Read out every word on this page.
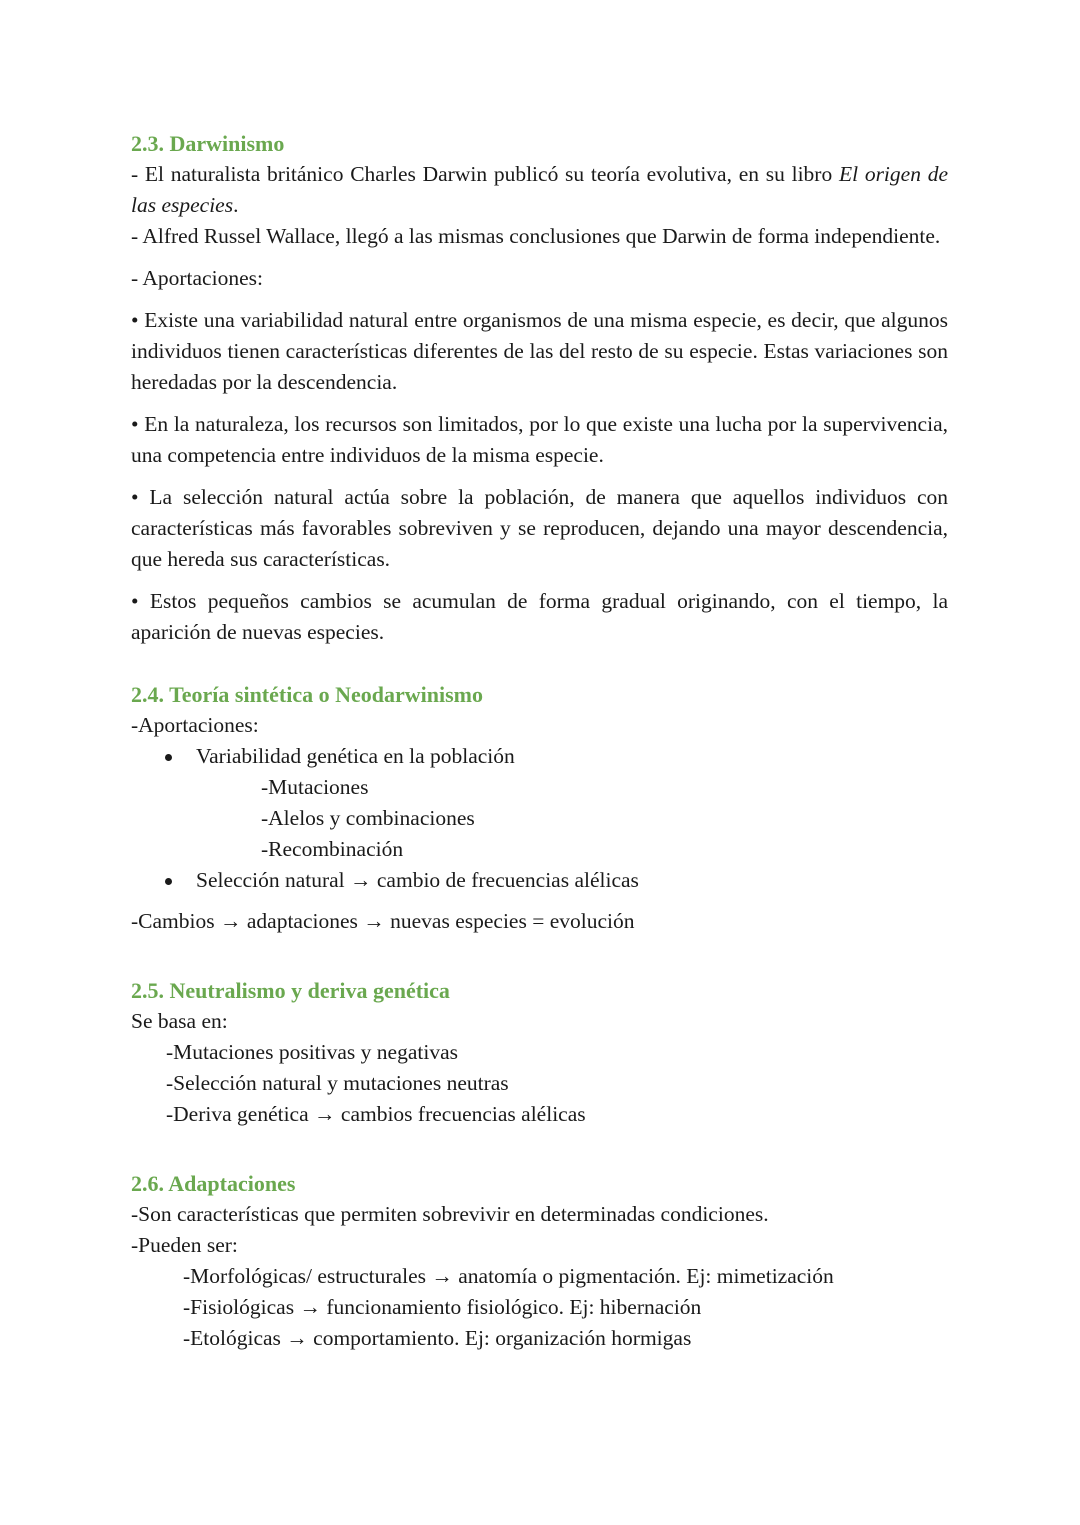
2.3. Darwinismo

- El naturalista británico Charles Darwin publicó su teoría evolutiva, en su libro El origen de las especies.

- Alfred Russel Wallace, llegó a las mismas conclusiones que Darwin de forma independiente.

- Aportaciones:

• Existe una variabilidad natural entre organismos de una misma especie, es decir, que algunos individuos tienen características diferentes de las del resto de su especie. Estas variaciones son heredadas por la descendencia.

• En la naturaleza, los recursos son limitados, por lo que existe una lucha por la supervivencia, una competencia entre individuos de la misma especie.

• La selección natural actúa sobre la población, de manera que aquellos individuos con características más favorables sobreviven y se reproducen, dejando una mayor descendencia, que hereda sus características.

• Estos pequeños cambios se acumulan de forma gradual originando, con el tiempo, la aparición de nuevas especies.

2.4. Teoría sintética o Neodarwinismo

-Aportaciones:

Variabilidad genética en la población
-Mutaciones
-Alelos y combinaciones
-Recombinación
Selección natural → cambio de frecuencias alélicas

-Cambios → adaptaciones → nuevas especies = evolución

2.5. Neutralismo y deriva genética

Se basa en:

-Mutaciones positivas y negativas
-Selección natural y mutaciones neutras
-Deriva genética → cambios frecuencias alélicas
2.6. Adaptaciones

-Son características que permiten sobrevivir en determinadas condiciones.

-Pueden ser:

-Morfológicas/ estructurales → anatomía o pigmentación. Ej: mimetización
-Fisiológicas → funcionamiento fisiológico. Ej: hibernación
-Etológicas → comportamiento. Ej: organización hormigas
